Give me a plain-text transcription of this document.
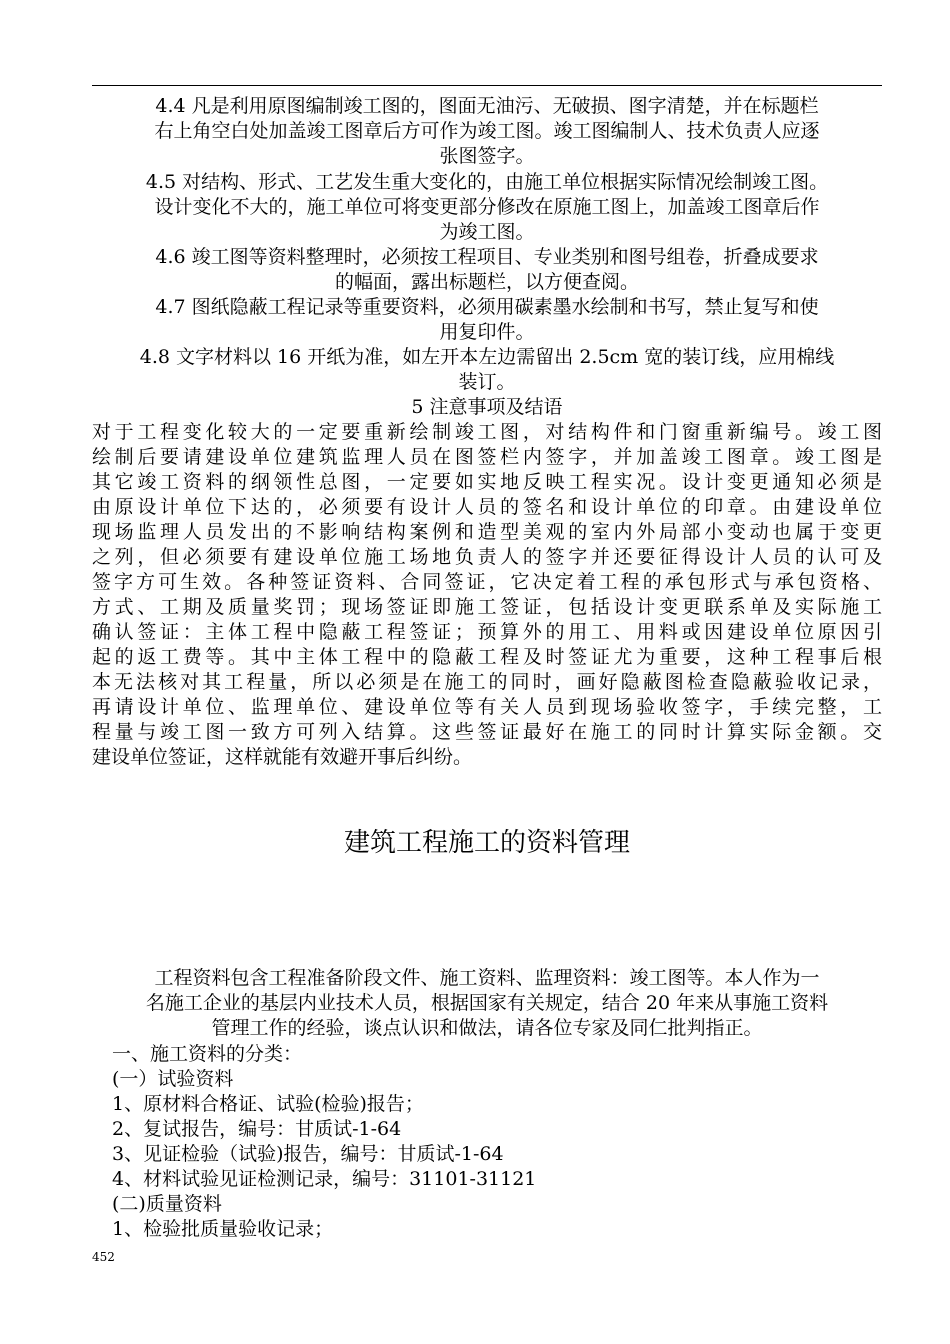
4.4 凡是利用原图编制竣工图的，图面无油污、无破损、图字清楚，并在标题栏
右上角空白处加盖竣工图章后方可作为竣工图。竣工图编制人、技术负责人应逐
张图签字。
4.5 对结构、形式、工艺发生重大变化的，由施工单位根据实际情况绘制竣工图。
设计变化不大的，施工单位可将变更部分修改在原施工图上，加盖竣工图章后作
为竣工图。
4.6 竣工图等资料整理时，必须按工程项目、专业类别和图号组卷，折叠成要求
的幅面，露出标题栏，以方便查阅。
4.7 图纸隐蔽工程记录等重要资料，必须用碳素墨水绘制和书写，禁止复写和使
用复印件。
4.8 文字材料以 16 开纸为准，如左开本左边需留出 2.5cm 宽的装订线，应用棉线
装订。
5 注意事项及结语
对于工程变化较大的一定要重新绘制竣工图，对结构件和门窗重新编号。竣工图
绘制后要请建设单位建筑监理人员在图签栏内签字，并加盖竣工图章。竣工图是
其它竣工资料的纲领性总图，一定要如实地反映工程实况。设计变更通知必须是
由原设计单位下达的，必须要有设计人员的签名和设计单位的印章。由建设单位
现场监理人员发出的不影响结构案例和造型美观的室内外局部小变动也属于变更
之列，但必须要有建设单位施工场地负责人的签字并还要征得设计人员的认可及
签字方可生效。各种签证资料、合同签证，它决定着工程的承包形式与承包资格、
方式、工期及质量奖罚；现场签证即施工签证，包括设计变更联系单及实际施工
确认签证：主体工程中隐蔽工程签证；预算外的用工、用料或因建设单位原因引
起的返工费等。其中主体工程中的隐蔽工程及时签证尤为重要，这种工程事后根
本无法核对其工程量，所以必须是在施工的同时，画好隐蔽图检查隐蔽验收记录，
再请设计单位、监理单位、建设单位等有关人员到现场验收签字，手续完整，工
程量与竣工图一致方可列入结算。这些签证最好在施工的同时计算实际金额。交
建设单位签证，这样就能有效避开事后纠纷。
建筑工程施工的资料管理
工程资料包含工程准备阶段文件、施工资料、监理资料：竣工图等。本人作为一
名施工企业的基层内业技术人员，根据国家有关规定，结合 20 年来从事施工资料
管理工作的经验，谈点认识和做法，请各位专家及同仁批判指正。
一、施工资料的分类：
(一）试验资料
1、原材料合格证、试验(检验)报告；
2、复试报告，编号：甘质试-1-64
3、见证检验（试验)报告，编号：甘质试-1-64
4、材料试验见证检测记录，编号：31101-31121
(二)质量资料
1、检验批质量验收记录；
452
